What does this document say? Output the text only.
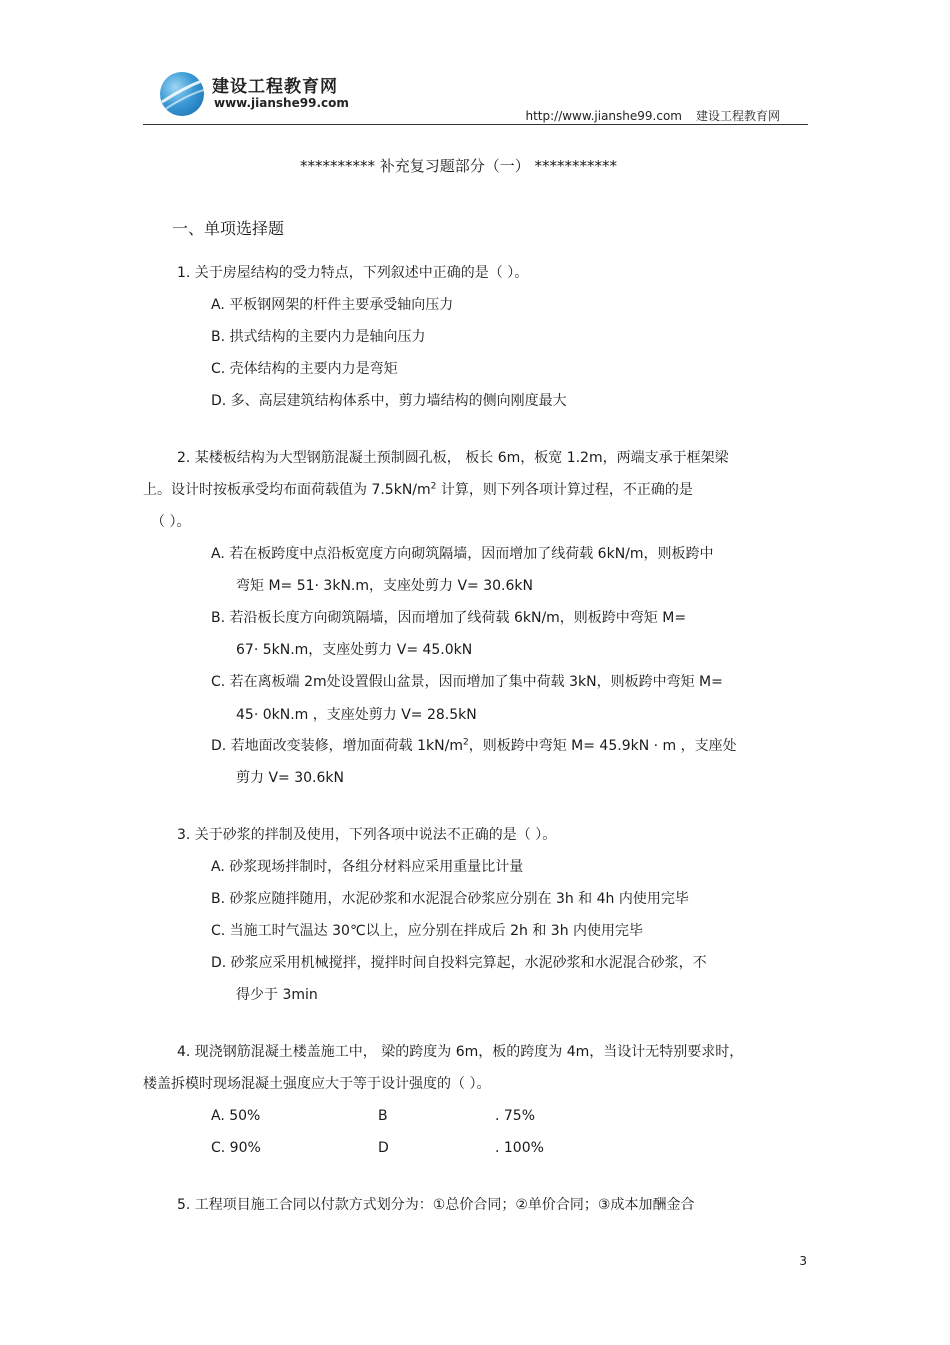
建设工程教育网
www.jianshe99.com
http://www.jianshe99.com 建设工程教育网
********** 补充复习题部分（一） ***********
一、单项选择题
1. 关于房屋结构的受力特点，下列叙述中正确的是（ ）。
A. 平板钢网架的杆件主要承受轴向压力
B. 拱式结构的主要内力是轴向压力
C. 壳体结构的主要内力是弯矩
D. 多、高层建筑结构体系中，剪力墙结构的侧向刚度最大
2. 某楼板结构为大型钢筋混凝土预制圆孔板， 板长 6m，板宽 1.2m，两端支承于框架梁
上。设计时按板承受均布面荷载值为 $7.5kN/m^2$ 计算，则下列各项计算过程，不正确的是
（ ）。
A. 若在板跨度中点沿板宽度方向砌筑隔墙，因而增加了线荷载 6kN/m，则板跨中
弯矩 M= 51· 3kN.m，支座处剪力 V= 30.6kN
B. 若沿板长度方向砌筑隔墙，因而增加了线荷载 6kN/m，则板跨中弯矩 M=
67· 5kN.m，支座处剪力 V= 45.0kN
C. 若在离板端 2m处设置假山盆景，因而增加了集中荷载 3kN，则板跨中弯矩 M=
45· 0kN.m ，支座处剪力 V= 28.5kN
D. 若地面改变装修，增加面荷载 $1kN/m^2$，则板跨中弯矩 M= 45.9kN · m ，支座处
剪力 V= 30.6kN
3. 关于砂浆的拌制及使用，下列各项中说法不正确的是（ ）。
A. 砂浆现场拌制时，各组分材料应采用重量比计量
B. 砂浆应随拌随用，水泥砂浆和水泥混合砂浆应分别在 3h 和 4h 内使用完毕
C. 当施工时气温达 30℃以上，应分别在拌成后 2h 和 3h 内使用完毕
D. 砂浆应采用机械搅拌，搅拌时间自投料完算起，水泥砂浆和水泥混合砂浆，不
得少于 3min
4. 现浇钢筋混凝土楼盖施工中， 梁的跨度为 6m，板的跨度为 4m，当设计无特别要求时，
楼盖拆模时现场混凝土强度应大于等于设计强度的（ ）。
A. 50%	B	. 75%
C. 90%	D	. 100%
5. 工程项目施工合同以付款方式划分为：①总价合同；②单价合同；③成本加酬金合
3
